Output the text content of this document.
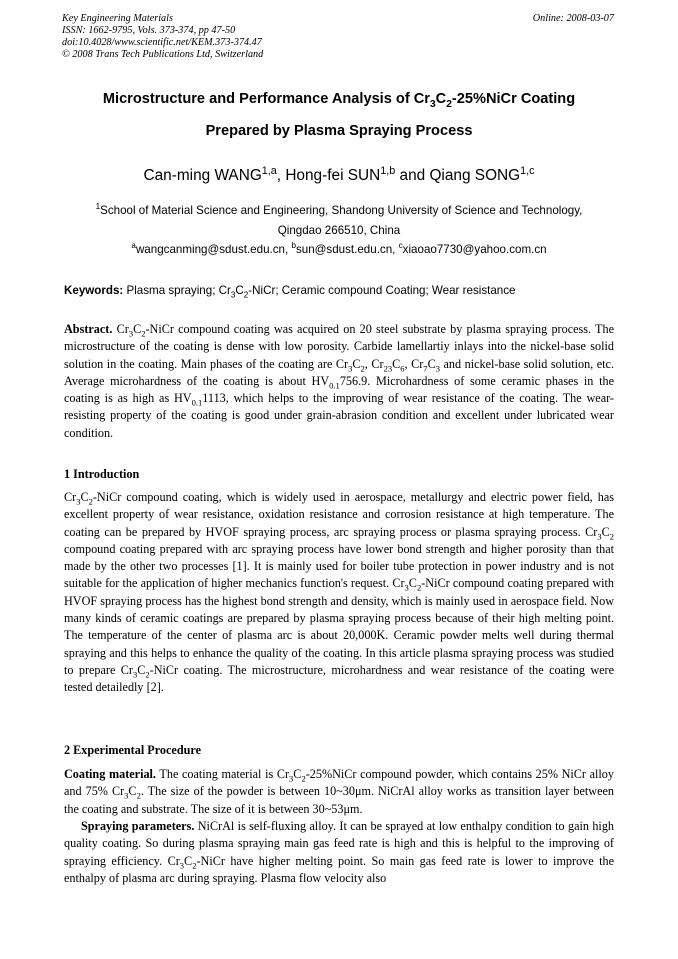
Key Engineering Materials
ISSN: 1662-9795, Vols. 373-374, pp 47-50
doi:10.4028/www.scientific.net/KEM.373-374.47
© 2008 Trans Tech Publications Ltd, Switzerland
Online: 2008-03-07
Microstructure and Performance Analysis of $Cr_3C_2-25\%NiCr$ Coating
Prepared by Plasma Spraying Process
Can-ming WANG$^{1,a}$, Hong-fei SUN$^{1,b}$ and Qiang SONG$^{1,c}$
$^1$School of Material Science and Engineering, Shandong University of Science and Technology,
Qingdao 266510, China
$^a$wangcanming@sdust.edu.cn, $^b$sun@sdust.edu.cn, $^c$xiaoao7730@yahoo.com.cn
Keywords: Plasma spraying; $Cr_3C_2$-NiCr; Ceramic compound Coating; Wear resistance
Abstract. $Cr_3C_2$-NiCr compound coating was acquired on 20 steel substrate by plasma spraying process. The microstructure of the coating is dense with low porosity. Carbide lamellartiy inlays into the nickel-base solid solution in the coating. Main phases of the coating are $Cr_3C_2$, $Cr_{23}C_6$, $Cr_7C_3$ and nickel-base solid solution, etc. Average microhardness of the coating is about $HV_{0.1}756.9$. Microhardness of some ceramic phases in the coating is as high as $HV_{0.1}1113$, which helps to the improving of wear resistance of the coating. The wear-resisting property of the coating is good under grain-abrasion condition and excellent under lubricated wear condition.
1 Introduction
$Cr_3C_2$-NiCr compound coating, which is widely used in aerospace, metallurgy and electric power field, has excellent property of wear resistance, oxidation resistance and corrosion resistance at high temperature. The coating can be prepared by HVOF spraying process, arc spraying process or plasma spraying process. $Cr_3C_2$ compound coating prepared with arc spraying process have lower bond strength and higher porosity than that made by the other two processes [1]. It is mainly used for boiler tube protection in power industry and is not suitable for the application of higher mechanics function's request. $Cr_3C_2$-NiCr compound coating prepared with HVOF spraying process has the highest bond strength and density, which is mainly used in aerospace field. Now many kinds of ceramic coatings are prepared by plasma spraying process because of their high melting point. The temperature of the center of plasma arc is about 20,000K. Ceramic powder melts well during thermal spraying and this helps to enhance the quality of the coating. In this article plasma spraying process was studied to prepare $Cr_3C_2$-NiCr coating. The microstructure, microhardness and wear resistance of the coating were tested detailedly [2].
2 Experimental Procedure
Coating material. The coating material is $Cr_3C_2-25\%NiCr$ compound powder, which contains 25% NiCr alloy and 75% $Cr_3C_2$. The size of the powder is between 10~30μm. NiCrAl alloy works as transition layer between the coating and substrate. The size of it is between 30~53μm.
Spraying parameters. NiCrAl is self-fluxing alloy. It can be sprayed at low enthalpy condition to gain high quality coating. So during plasma spraying main gas feed rate is high and this is helpful to the improving of spraying efficiency. $Cr_3C_2$-NiCr have higher melting point. So main gas feed rate is lower to improve the enthalpy of plasma arc during spraying. Plasma flow velocity also
